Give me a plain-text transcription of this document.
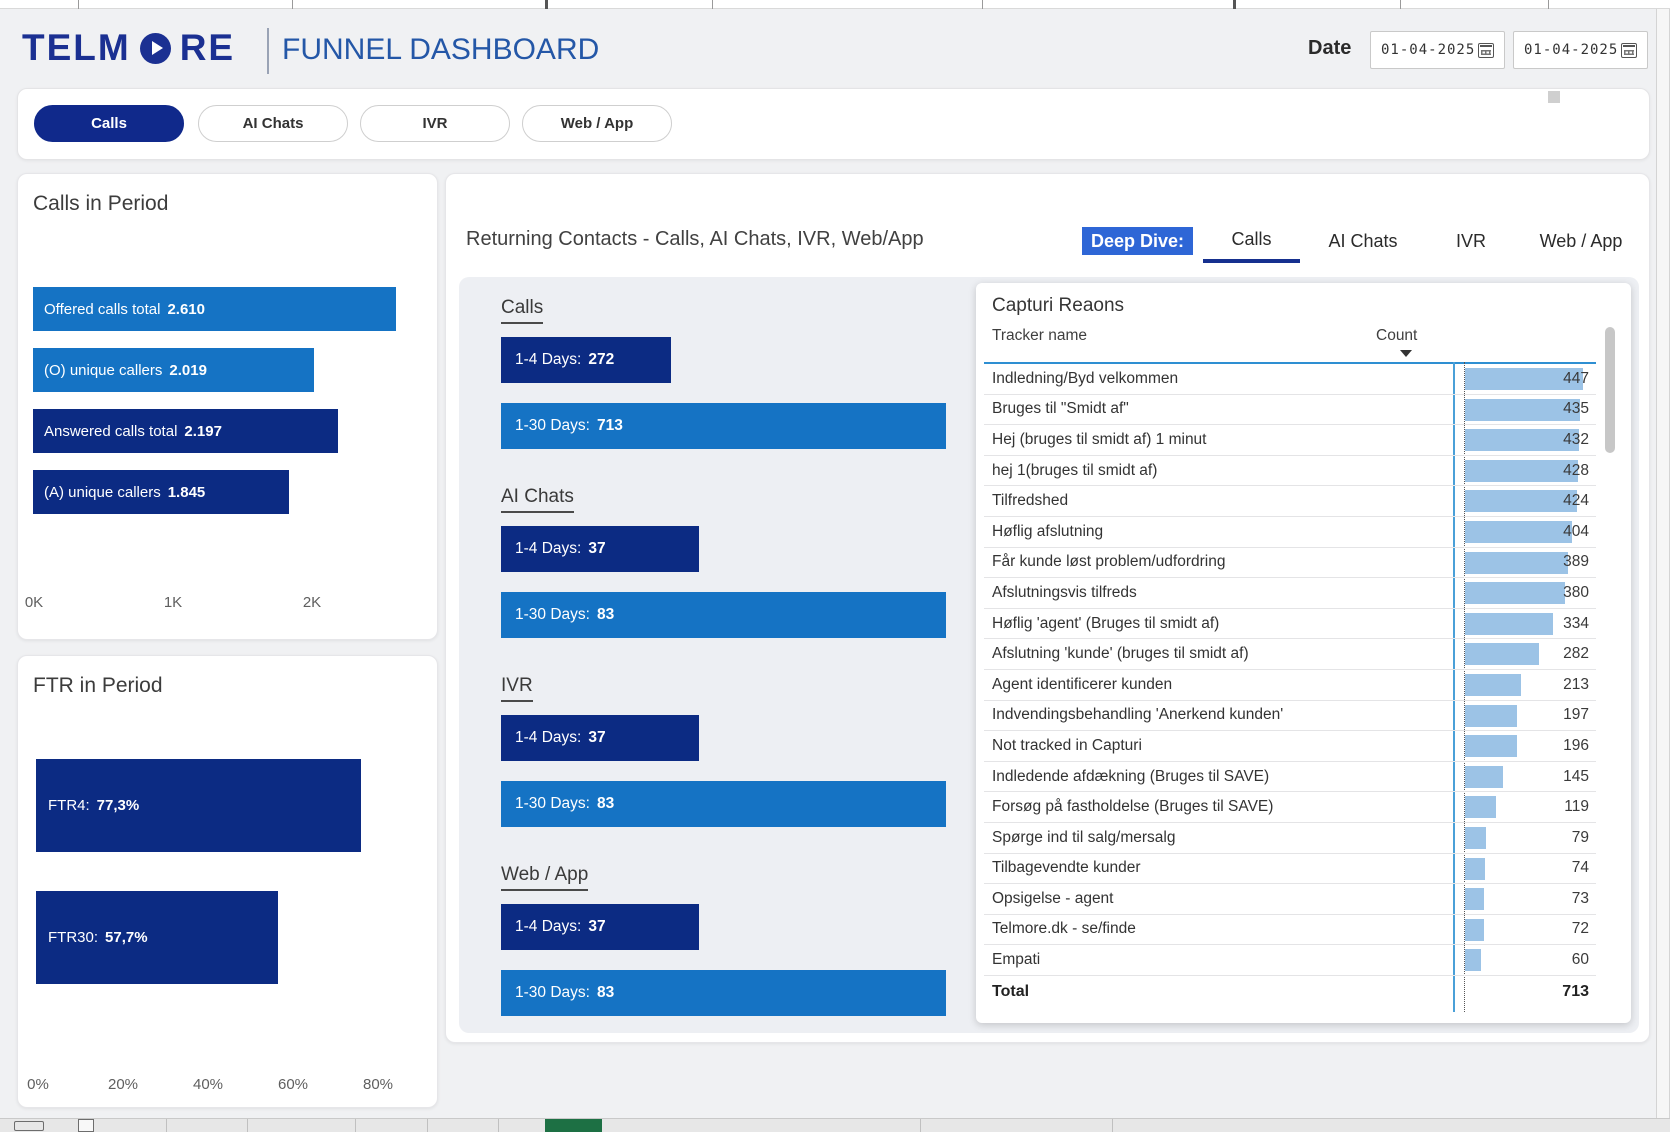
TELM RE FUNNEL DASHBOARD	Date 01-04-2025	01-04-2025
Calls	AI Chats	IVR	Web / App
Calls in Period
Offered calls total 2.610
(O) unique callers 2.019
Answered calls total 2.197
(A) unique callers 1.845
0K	1K	2K
FTR in Period
FTR4: 77,3%
FTR30: 57,7%
0%	20%	40%	60%	80%
Returning Contacts - Calls, AI Chats, IVR, Web/App	Deep Dive:	Calls	AI Chats	IVR	Web / App
Calls
1-4 Days: 272
1-30 Days: 713
AI Chats
1-4 Days: 37
1-30 Days: 83
IVR
1-4 Days: 37
1-30 Days: 83
Web / App
1-4 Days: 37
1-30 Days: 83
Capturi Reaons
Tracker name	Count
Indledning/Byd velkommen	447
Bruges til "Smidt af"	435
Hej (bruges til smidt af) 1 minut	432
hej 1(bruges til smidt af)	428
Tilfredshed	424
Høflig afslutning	404
Får kunde løst problem/udfordring	389
Afslutningsvis tilfreds	380
Høflig 'agent' (Bruges til smidt af)	334
Afslutning 'kunde' (bruges til smidt af)	282
Agent identificerer kunden	213
Indvendingsbehandling 'Anerkend kunden'	197
Not tracked in Capturi	196
Indledende afdækning (Bruges til SAVE)	145
Forsøg på fastholdelse (Bruges til SAVE)	119
Spørge ind til salg/mersalg	79
Tilbagevendte kunder	74
Opsigelse - agent	73
Telmore.dk - se/finde	72
Empati	60
Total	713
